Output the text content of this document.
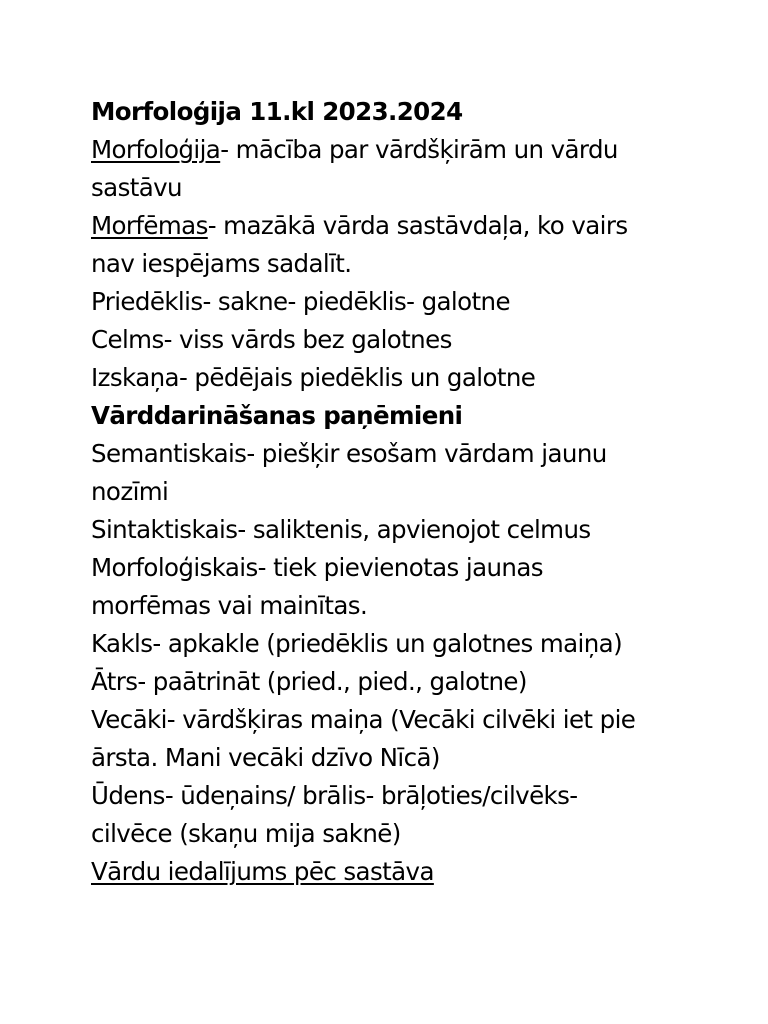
Morfoloģija 11.kl 2023.2024
Morfoloģija- mācība par vārdšķirām un vārdu
sastāvu
Morfēmas- mazākā vārda sastāvdaļa, ko vairs
nav iespējams sadalīt.
Priedēklis- sakne- piedēklis- galotne
Celms- viss vārds bez galotnes
Izskaņa- pēdējais piedēklis un galotne
Vārddarināšanas paņēmieni
Semantiskais- piešķir esošam vārdam jaunu
nozīmi
Sintaktiskais- saliktenis, apvienojot celmus
Morfoloģiskais- tiek pievienotas jaunas
morfēmas vai mainītas.
Kakls- apkakle (priedēklis un galotnes maiņa)
Ātrs- paātrināt (pried., pied., galotne)
Vecāki- vārdšķiras maiņa (Vecāki cilvēki iet pie
ārsta. Mani vecāki dzīvo Nīcā)
Ūdens- ūdeņains/ brālis- brāļoties/cilvēks-
cilvēce (skaņu mija saknē)
Vārdu iedalījums pēc sastāva
